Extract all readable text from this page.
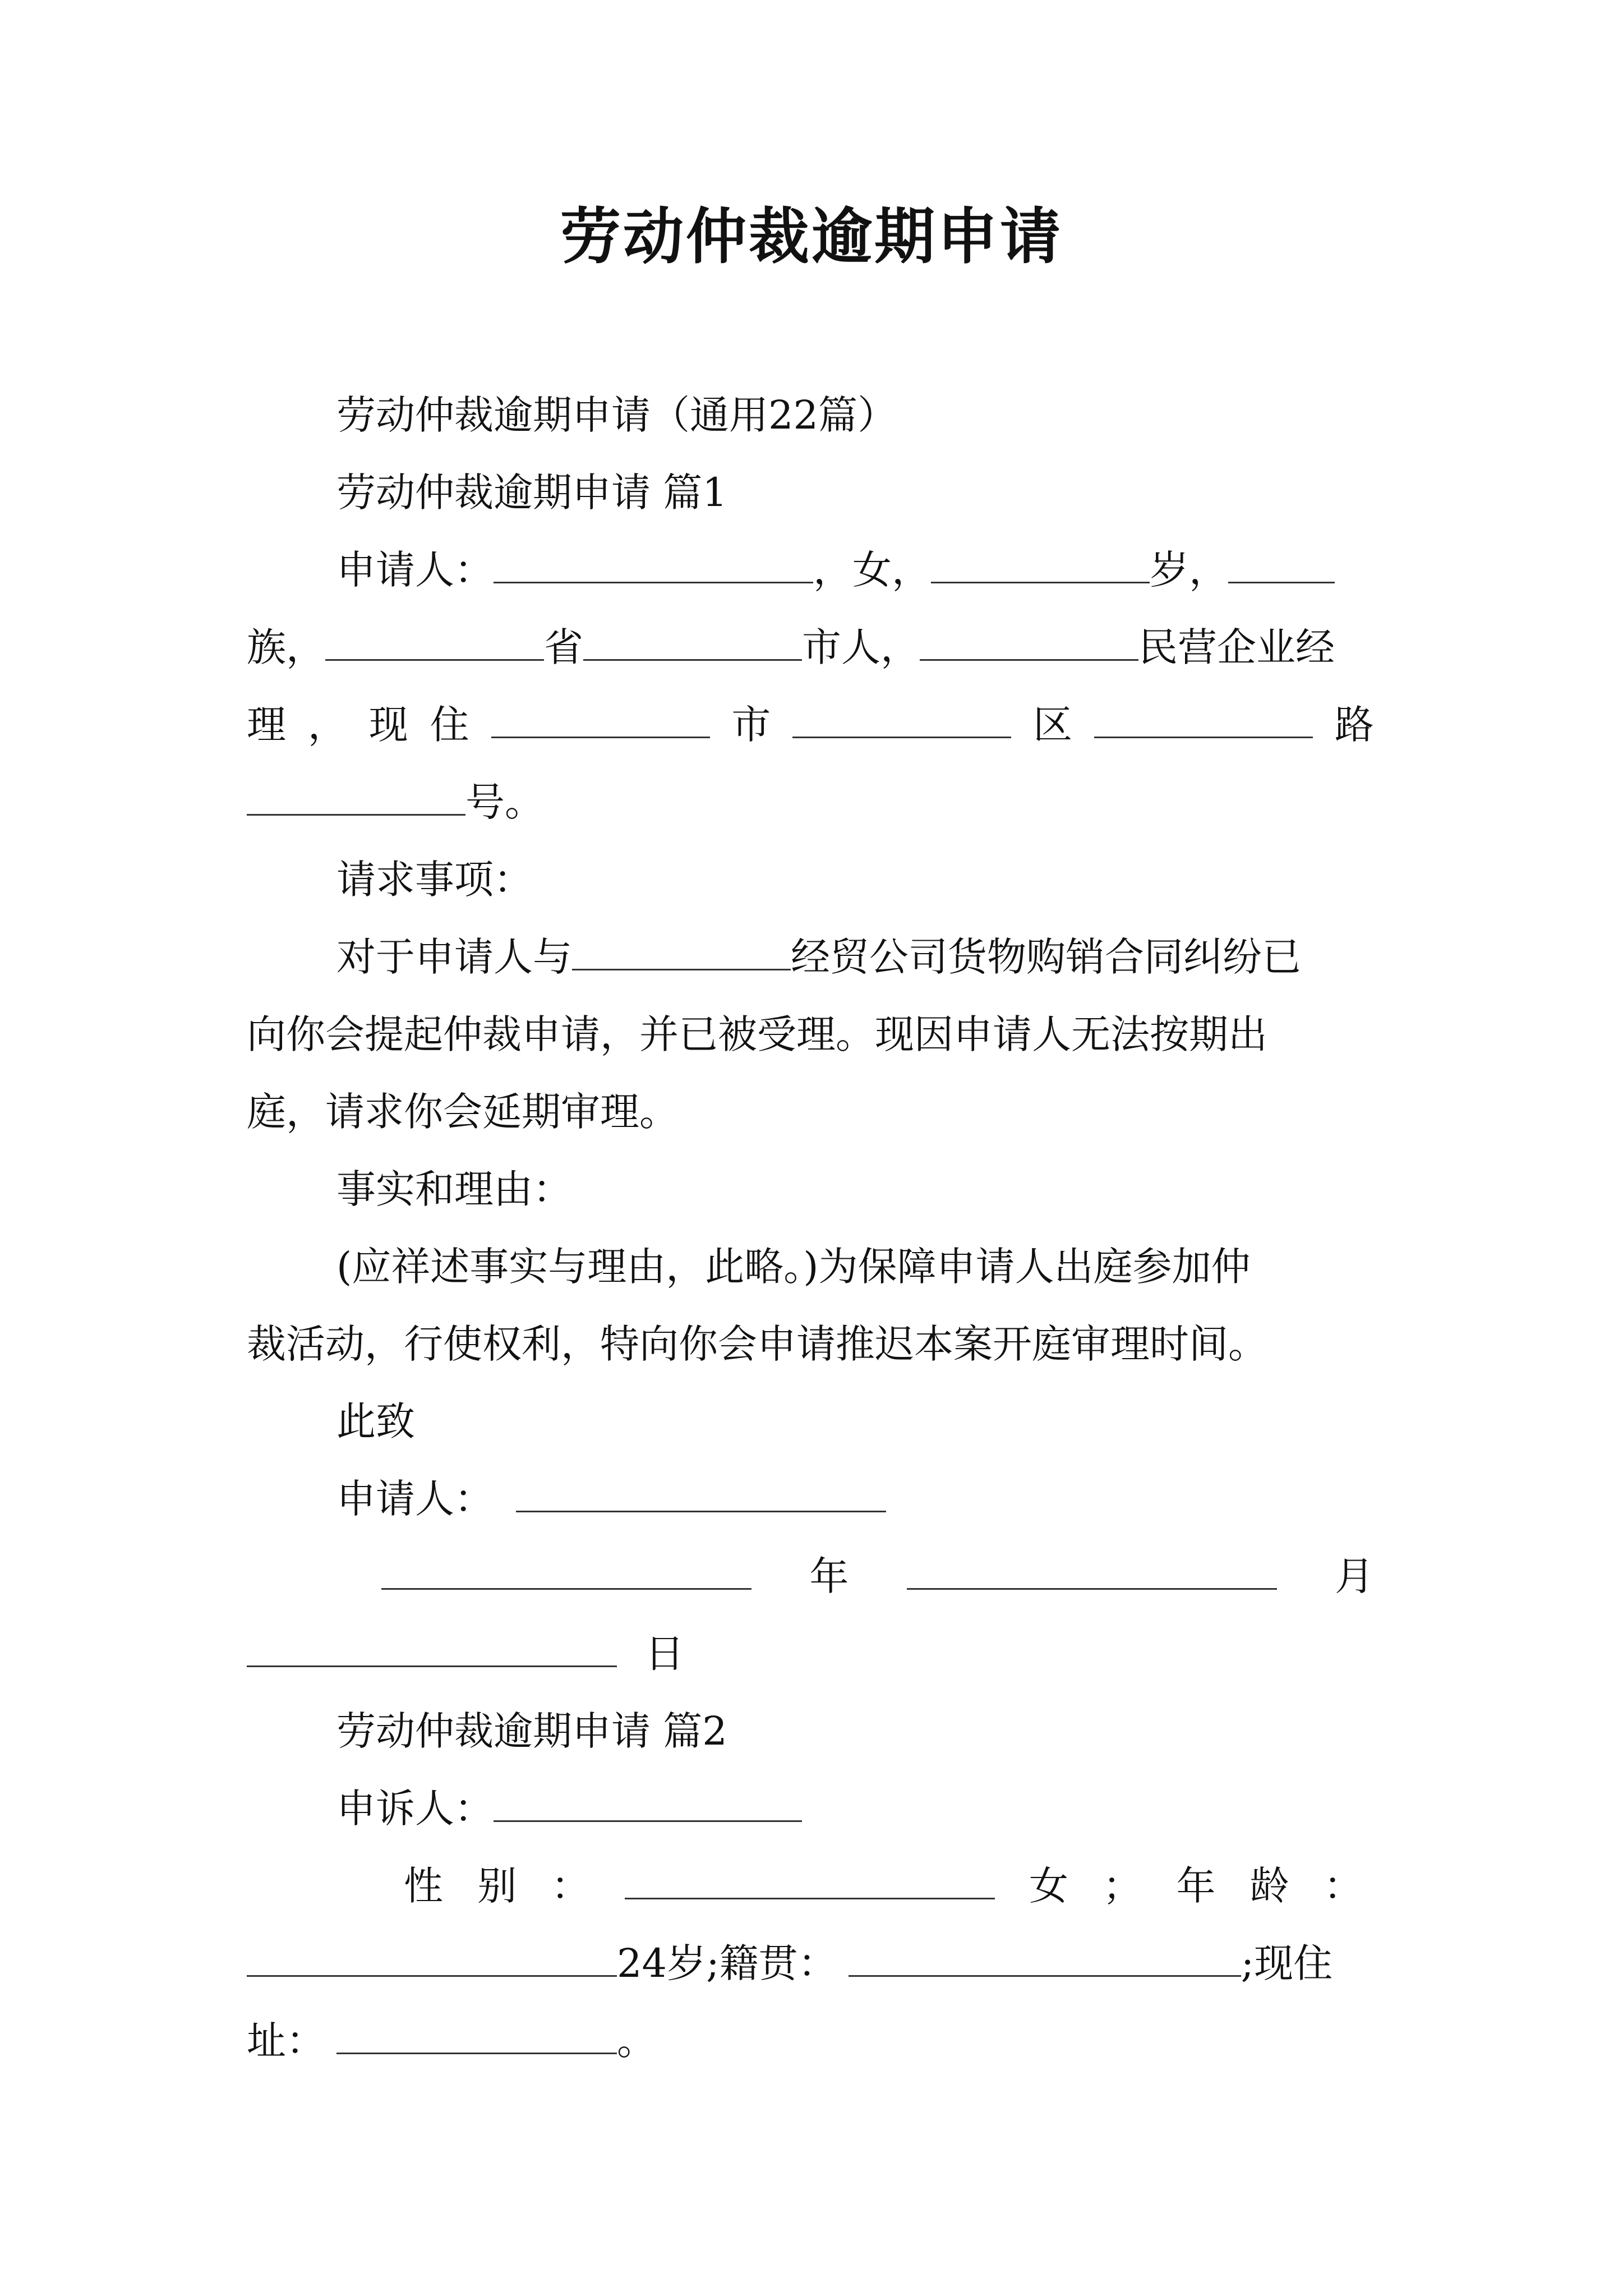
劳动仲裁逾期申请
劳动仲裁逾期申请（通用22篇）
劳动仲裁逾期申请 篇1
申请人：	，女，	岁，
族，	省	市人，	民营企业经
理 ， 现 住	市	区	路
号。
请求事项：
对于申请人与	经贸公司货物购销合同纠纷已
向你会提起仲裁申请，并已被受理。现因申请人无法按期出
庭，请求你会延期审理。
事实和理由：
(应祥述事实与理由，此略。)为保障申请人出庭参加仲
裁活动，行使权利，特向你会申请推迟本案开庭审理时间。
此致
申请人：
年	月
日
劳动仲裁逾期申请 篇2
申诉人：
性 别 ：	女 ； 年 龄 ：
24岁;籍贯：	;现住
址：	。
